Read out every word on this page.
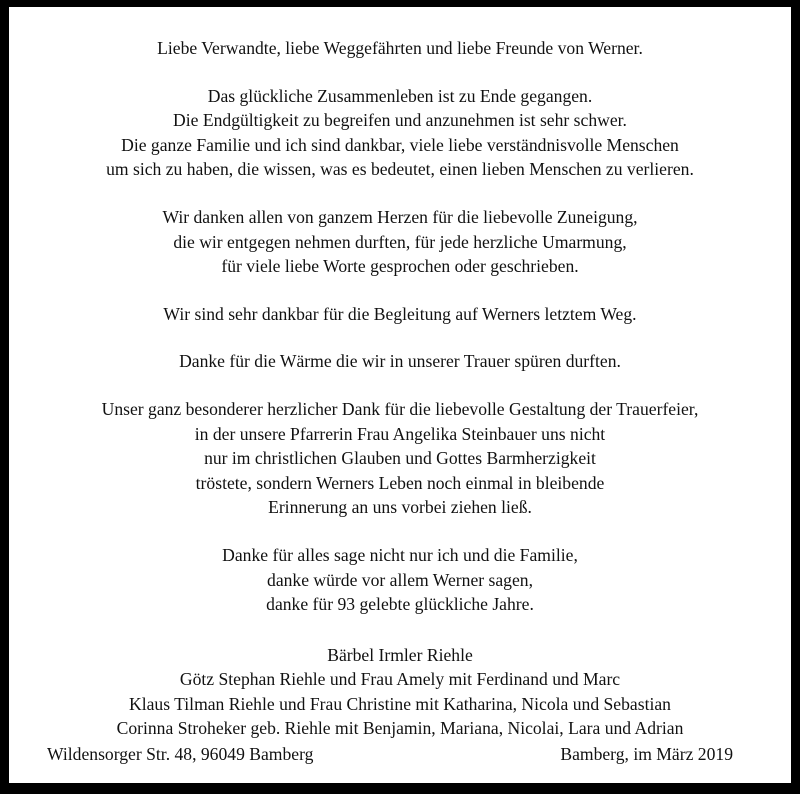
Liebe Verwandte, liebe Weggefährten und liebe Freunde von Werner.

Das glückliche Zusammenleben ist zu Ende gegangen.
Die Endgültigkeit zu begreifen und anzunehmen ist sehr schwer.
Die ganze Familie und ich sind dankbar, viele liebe verständnisvolle Menschen
um sich zu haben, die wissen, was es bedeutet, einen lieben Menschen zu verlieren.

Wir danken allen von ganzem Herzen für die liebevolle Zuneigung,
die wir entgegen nehmen durften, für jede herzliche Umarmung,
für viele liebe Worte gesprochen oder geschrieben.

Wir sind sehr dankbar für die Begleitung auf Werners letztem Weg.

Danke für die Wärme die wir in unserer Trauer spüren durften.

Unser ganz besonderer herzlicher Dank für die liebevolle Gestaltung der Trauerfeier,
in der unsere Pfarrerin Frau Angelika Steinbauer uns nicht
nur im christlichen Glauben und Gottes Barmherzigkeit
tröstete, sondern Werners Leben noch einmal in bleibende
Erinnerung an uns vorbei ziehen ließ.

Danke für alles sage nicht nur ich und die Familie,
danke würde vor allem Werner sagen,
danke für 93 gelebte glückliche Jahre.

Bärbel Irmler Riehle
Götz Stephan Riehle und Frau Amely mit Ferdinand und Marc
Klaus Tilman Riehle und Frau Christine mit Katharina, Nicola und Sebastian
Corinna Stroheker geb. Riehle mit Benjamin, Mariana, Nicolai, Lara und Adrian
Wildensorger Str. 48, 96049 Bamberg	Bamberg, im März 2019
